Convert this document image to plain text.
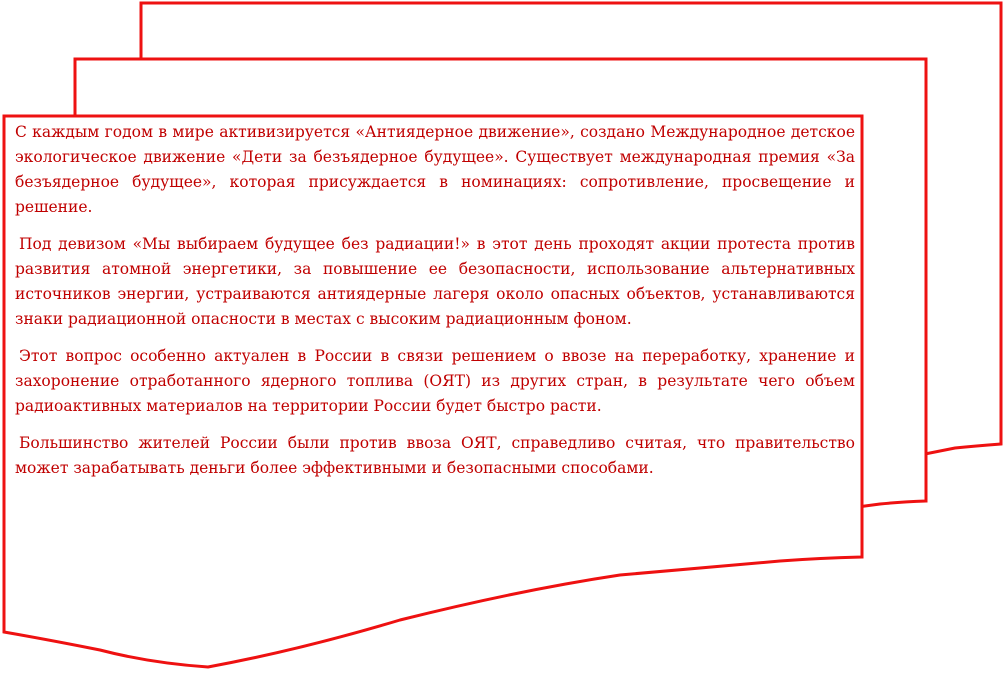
С каждым годом в мире активизируется «Антиядерное движение», создано Международное детское экологическое движение «Дети за безъядерное будущее». Существует международная премия «За безъядерное будущее», которая присуждается в номинациях: сопротивление, просвещение и решение.

Под девизом «Мы выбираем будущее без радиации!» в этот день проходят акции протеста против развития атомной энергетики, за повышение ее безопасности, использование альтернативных источников энергии, устраиваются антиядерные лагеря около опасных объектов, устанавливаются знаки радиационной опасности в местах с высоким радиационным фоном.

Этот вопрос особенно актуален в России в связи решением о ввозе на переработку, хранение и захоронение отработанного ядерного топлива (ОЯТ) из других стран, в результате чего объем радиоактивных материалов на территории России будет быстро расти.

Большинство жителей России были против ввоза ОЯТ, справедливо считая, что правительство может зарабатывать деньги более эффективными и безопасными способами.
